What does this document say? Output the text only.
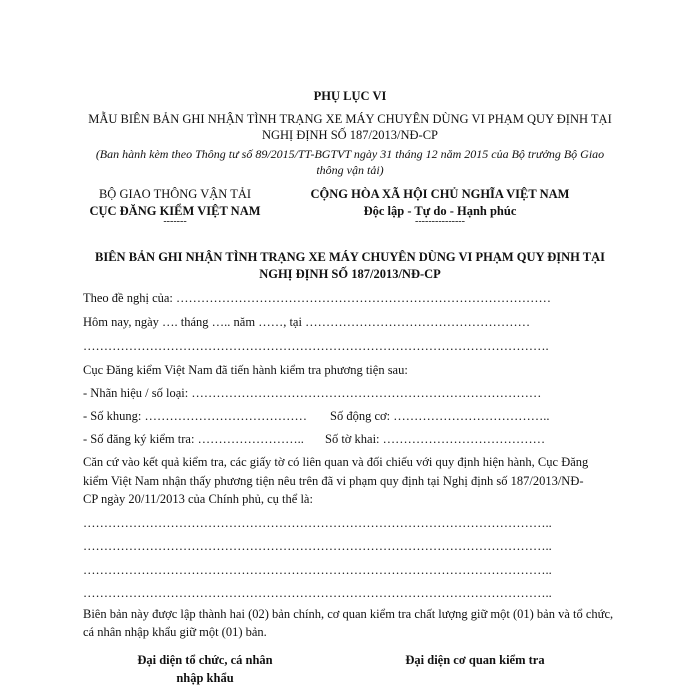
PHỤ LỤC VI
MẪU BIÊN BẢN GHI NHẬN TÌNH TRẠNG XE MÁY CHUYÊN DÙNG VI PHẠM QUY ĐỊNH TẠI
NGHỊ ĐỊNH SỐ 187/2013/NĐ-CP
(Ban hành kèm theo Thông tư số 89/2015/TT-BGTVT ngày 31 tháng 12 năm 2015 của Bộ trưởng Bộ Giao
thông vận tải)
BỘ GIAO THÔNG VẬN TẢI
CỤC ĐĂNG KIỂM VIỆT NAM
-------
CỘNG HÒA XÃ HỘI CHỦ NGHĨA VIỆT NAM
Độc lập - Tự do - Hạnh phúc
---------------
BIÊN BẢN GHI NHẬN TÌNH TRẠNG XE MÁY CHUYÊN DÙNG VI PHẠM QUY ĐỊNH TẠI
NGHỊ ĐỊNH SỐ 187/2013/NĐ-CP
Theo đề nghị của: ………………………………………………………………………………
Hôm nay, ngày …. tháng ….. năm ……, tại ………………………………………………
………………………………………………………………………………………………….
Cục Đăng kiểm Việt Nam đã tiến hành kiểm tra phương tiện sau:
- Nhãn hiệu / số loại: …………………………………………………………………………
- Số khung: ………………………………… Số động cơ: ………………………………..
- Số đăng ký kiểm tra: …………………….. Số tờ khai: …………………………………
Căn cứ vào kết quả kiểm tra, các giấy tờ có liên quan và đối chiếu với quy định hiện hành, Cục Đăng
kiểm Việt Nam nhận thấy phương tiện nêu trên đã vi phạm quy định tại Nghị định số 187/2013/NĐ-
CP ngày 20/11/2013 của Chính phủ, cụ thể là:
…………………………………………………………………………………………………..
…………………………………………………………………………………………………..
…………………………………………………………………………………………………..
…………………………………………………………………………………………………..
Biên bản này được lập thành hai (02) bản chính, cơ quan kiểm tra chất lượng giữ một (01) bản và tổ chức,
cá nhân nhập khẩu giữ một (01) bản.
Đại diện tổ chức, cá nhân
nhập khẩu
Đại diện cơ quan kiểm tra
